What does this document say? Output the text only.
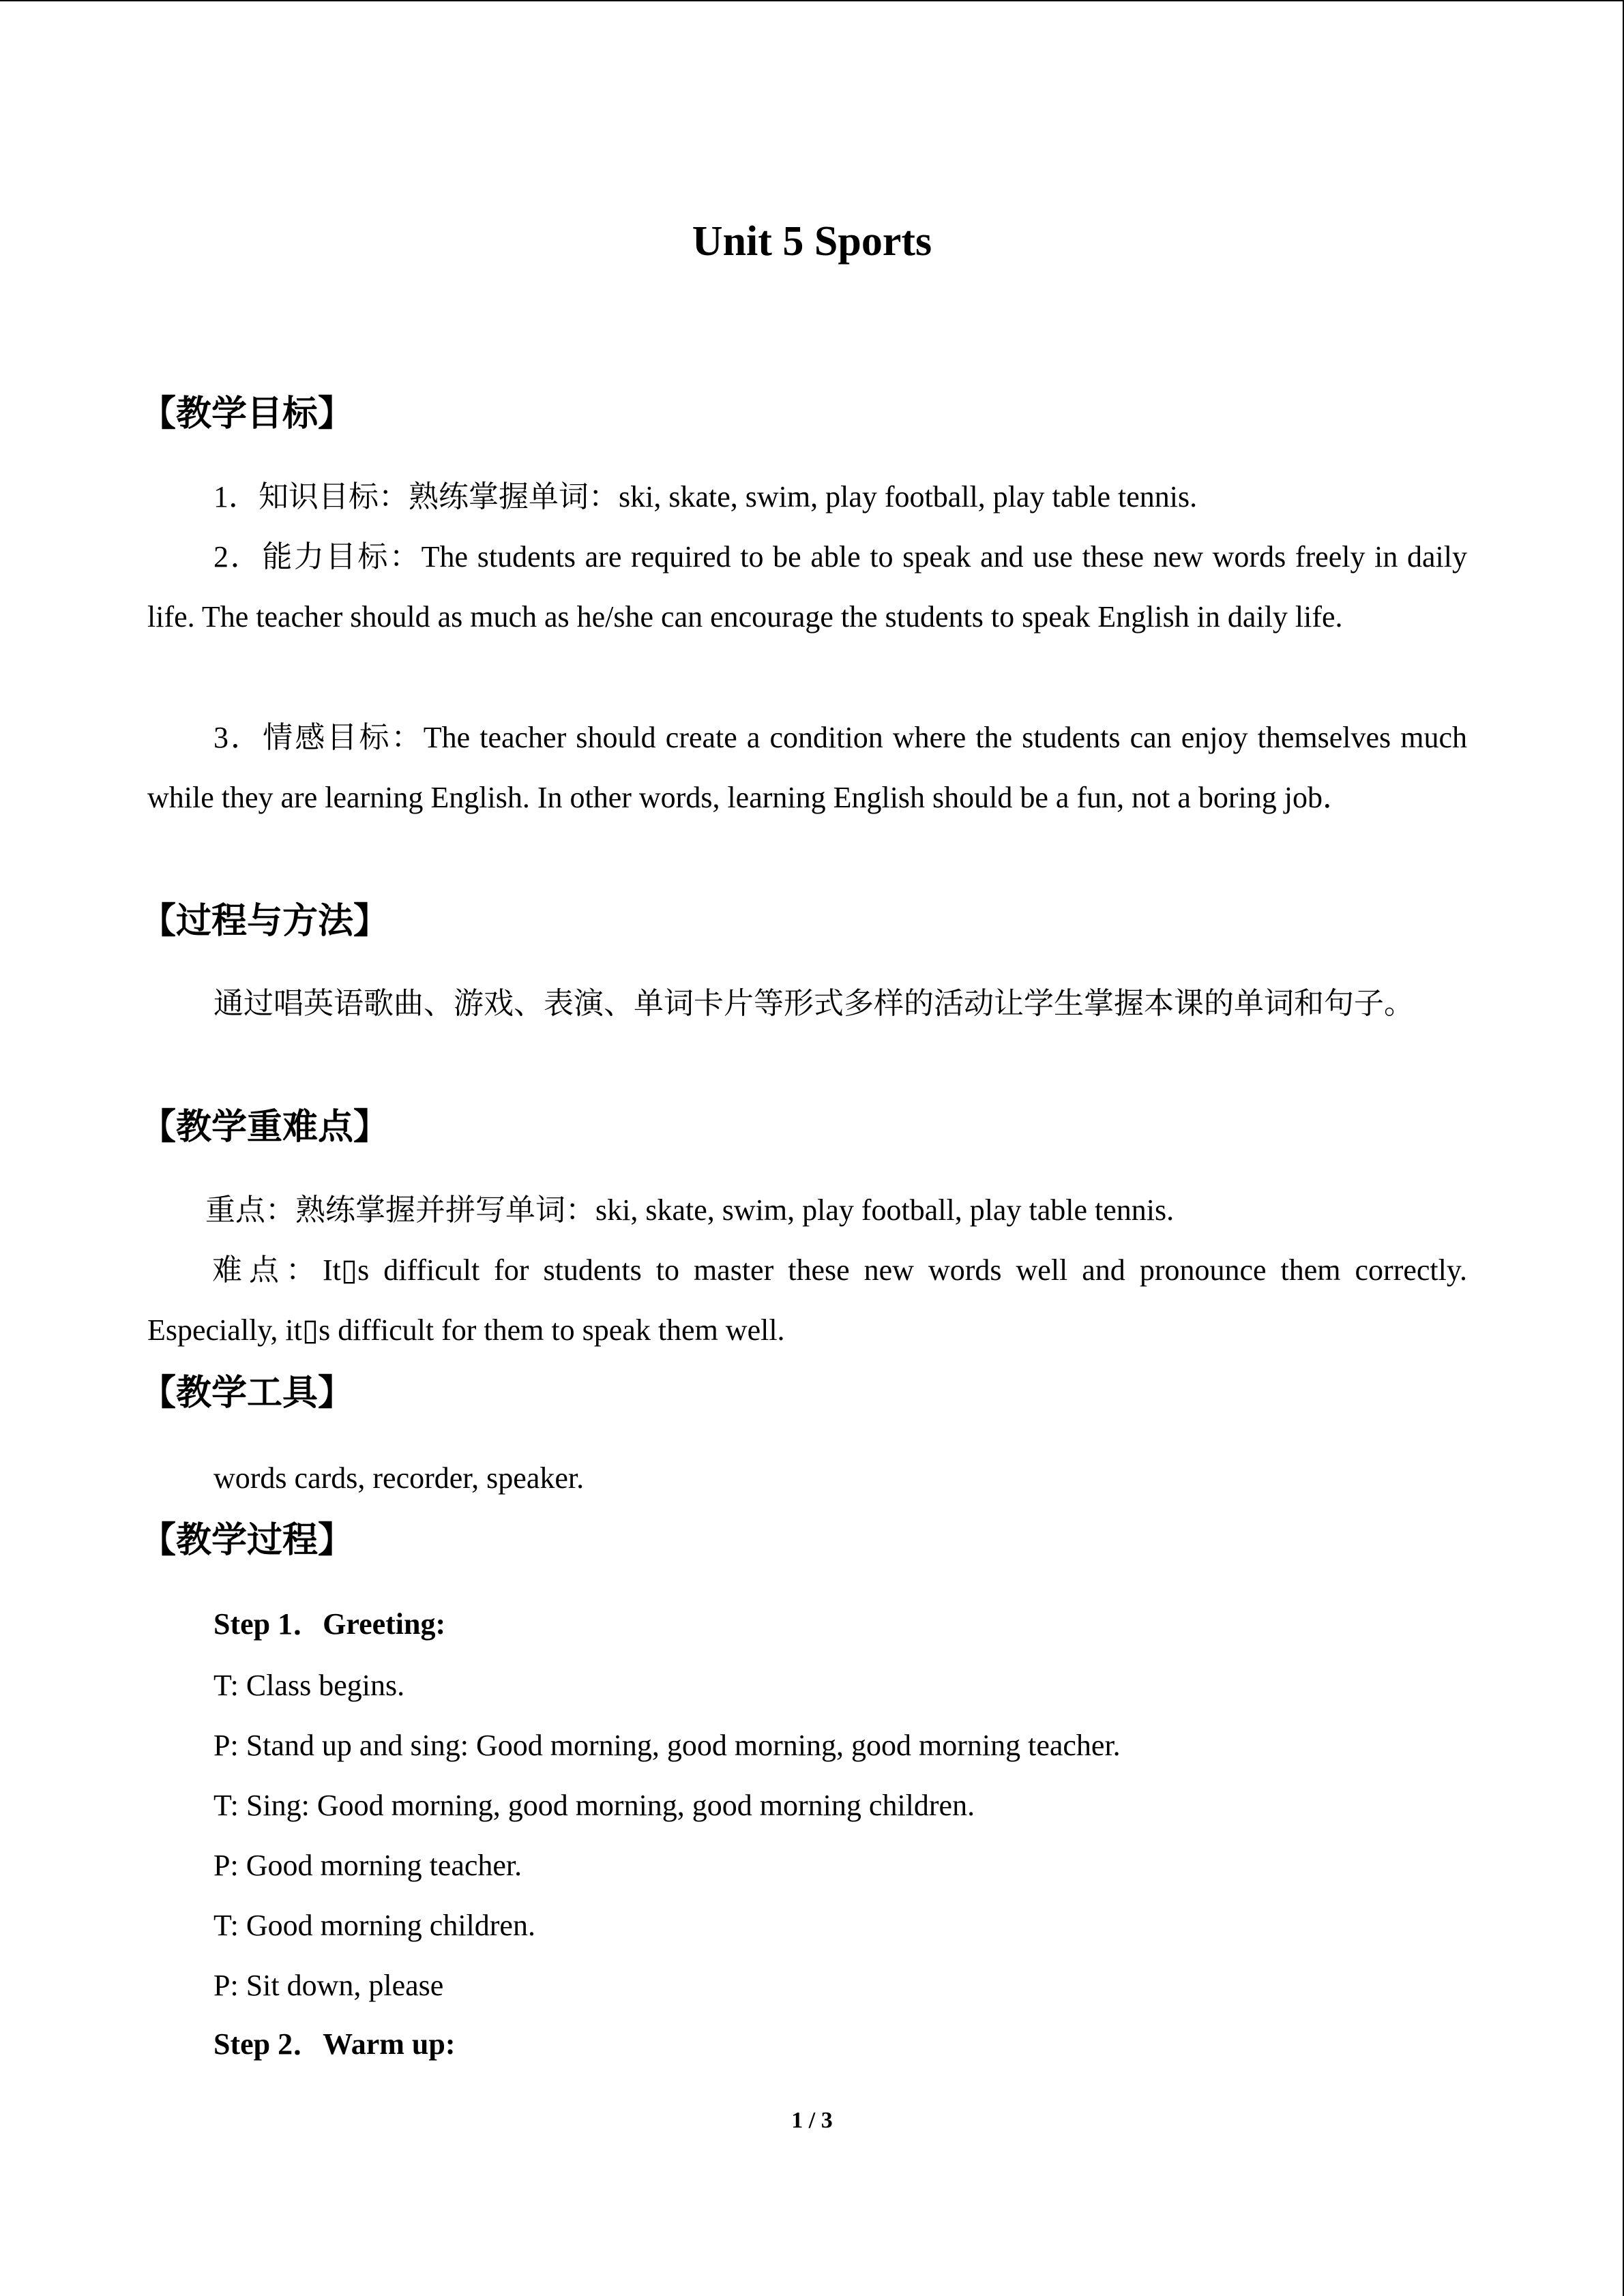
Unit 5 Sports
【教学目标】
1．知识目标：熟练掌握单词：ski, skate, swim, play football, play table tennis.
2．能力目标：The students are required to be able to speak and use these new words freely in daily life. The teacher should as much as he/she can encourage the students to speak English in daily life.
3．情感目标：The teacher should create a condition where the students can enjoy themselves much while they are learning English. In other words, learning English should be a fun, not a boring job．
【过程与方法】
通过唱英语歌曲、游戏、表演、单词卡片等形式多样的活动让学生掌握本课的单词和句子。
【教学重难点】
重点：熟练掌握并拼写单词：ski, skate, swim, play football, play table tennis.
难点：It▯s difficult for students to master these new words well and pronounce them correctly. Especially, it▯s difficult for them to speak them well.
【教学工具】
words cards, recorder, speaker.
【教学过程】
Step 1．Greeting:
T: Class begins.
P: Stand up and sing: Good morning, good morning, good morning teacher.
T: Sing: Good morning, good morning, good morning children.
P: Good morning teacher.
T: Good morning children.
P: Sit down, please
Step 2．Warm up:
1 / 3
